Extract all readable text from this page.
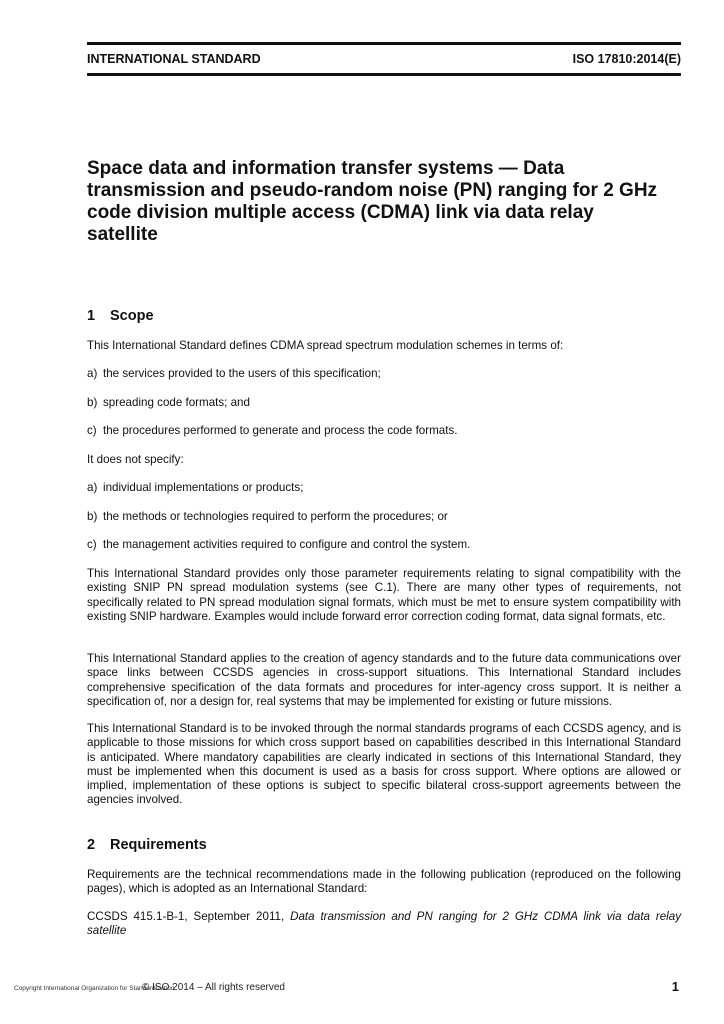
INTERNATIONAL STANDARD	ISO 17810:2014(E)
Space data and information transfer systems — Data
transmission and pseudo-random noise (PN) ranging for 2 GHz
code division multiple access (CDMA) link via data relay
satellite
1 Scope

This International Standard defines CDMA spread spectrum modulation schemes in terms of:

a) the services provided to the users of this specification;

b) spreading code formats; and

c) the procedures performed to generate and process the code formats.

It does not specify:

a) individual implementations or products;

b) the methods or technologies required to perform the procedures; or

c) the management activities required to configure and control the system.

This International Standard provides only those parameter requirements relating to signal compatibility with the existing SNIP PN spread modulation systems (see C.1). There are many other types of requirements, not specifically related to PN spread modulation signal formats, which must be met to ensure system compatibility with existing SNIP hardware. Examples would include forward error correction coding format, data signal formats, etc.

This International Standard applies to the creation of agency standards and to the future data communications over space links between CCSDS agencies in cross-support situations. This International Standard includes comprehensive specification of the data formats and procedures for inter-agency cross support. It is neither a specification of, nor a design for, real systems that may be implemented for existing or future missions.

This International Standard is to be invoked through the normal standards programs of each CCSDS agency, and is applicable to those missions for which cross support based on capabilities described in this International Standard is anticipated. Where mandatory capabilities are clearly indicated in sections of this International Standard, they must be implemented when this document is used as a basis for cross support. Where options are allowed or implied, implementation of these options is subject to specific bilateral cross-support agreements between the agencies involved.

2 Requirements

Requirements are the technical recommendations made in the following publication (reproduced on the following pages), which is adopted as an International Standard:

CCSDS 415.1-B-1, September 2011, Data transmission and PN ranging for 2 GHz CDMA link via data relay satellite

Copyright International Organization for Standardization
© ISO 2014 – All rights reserved	1
